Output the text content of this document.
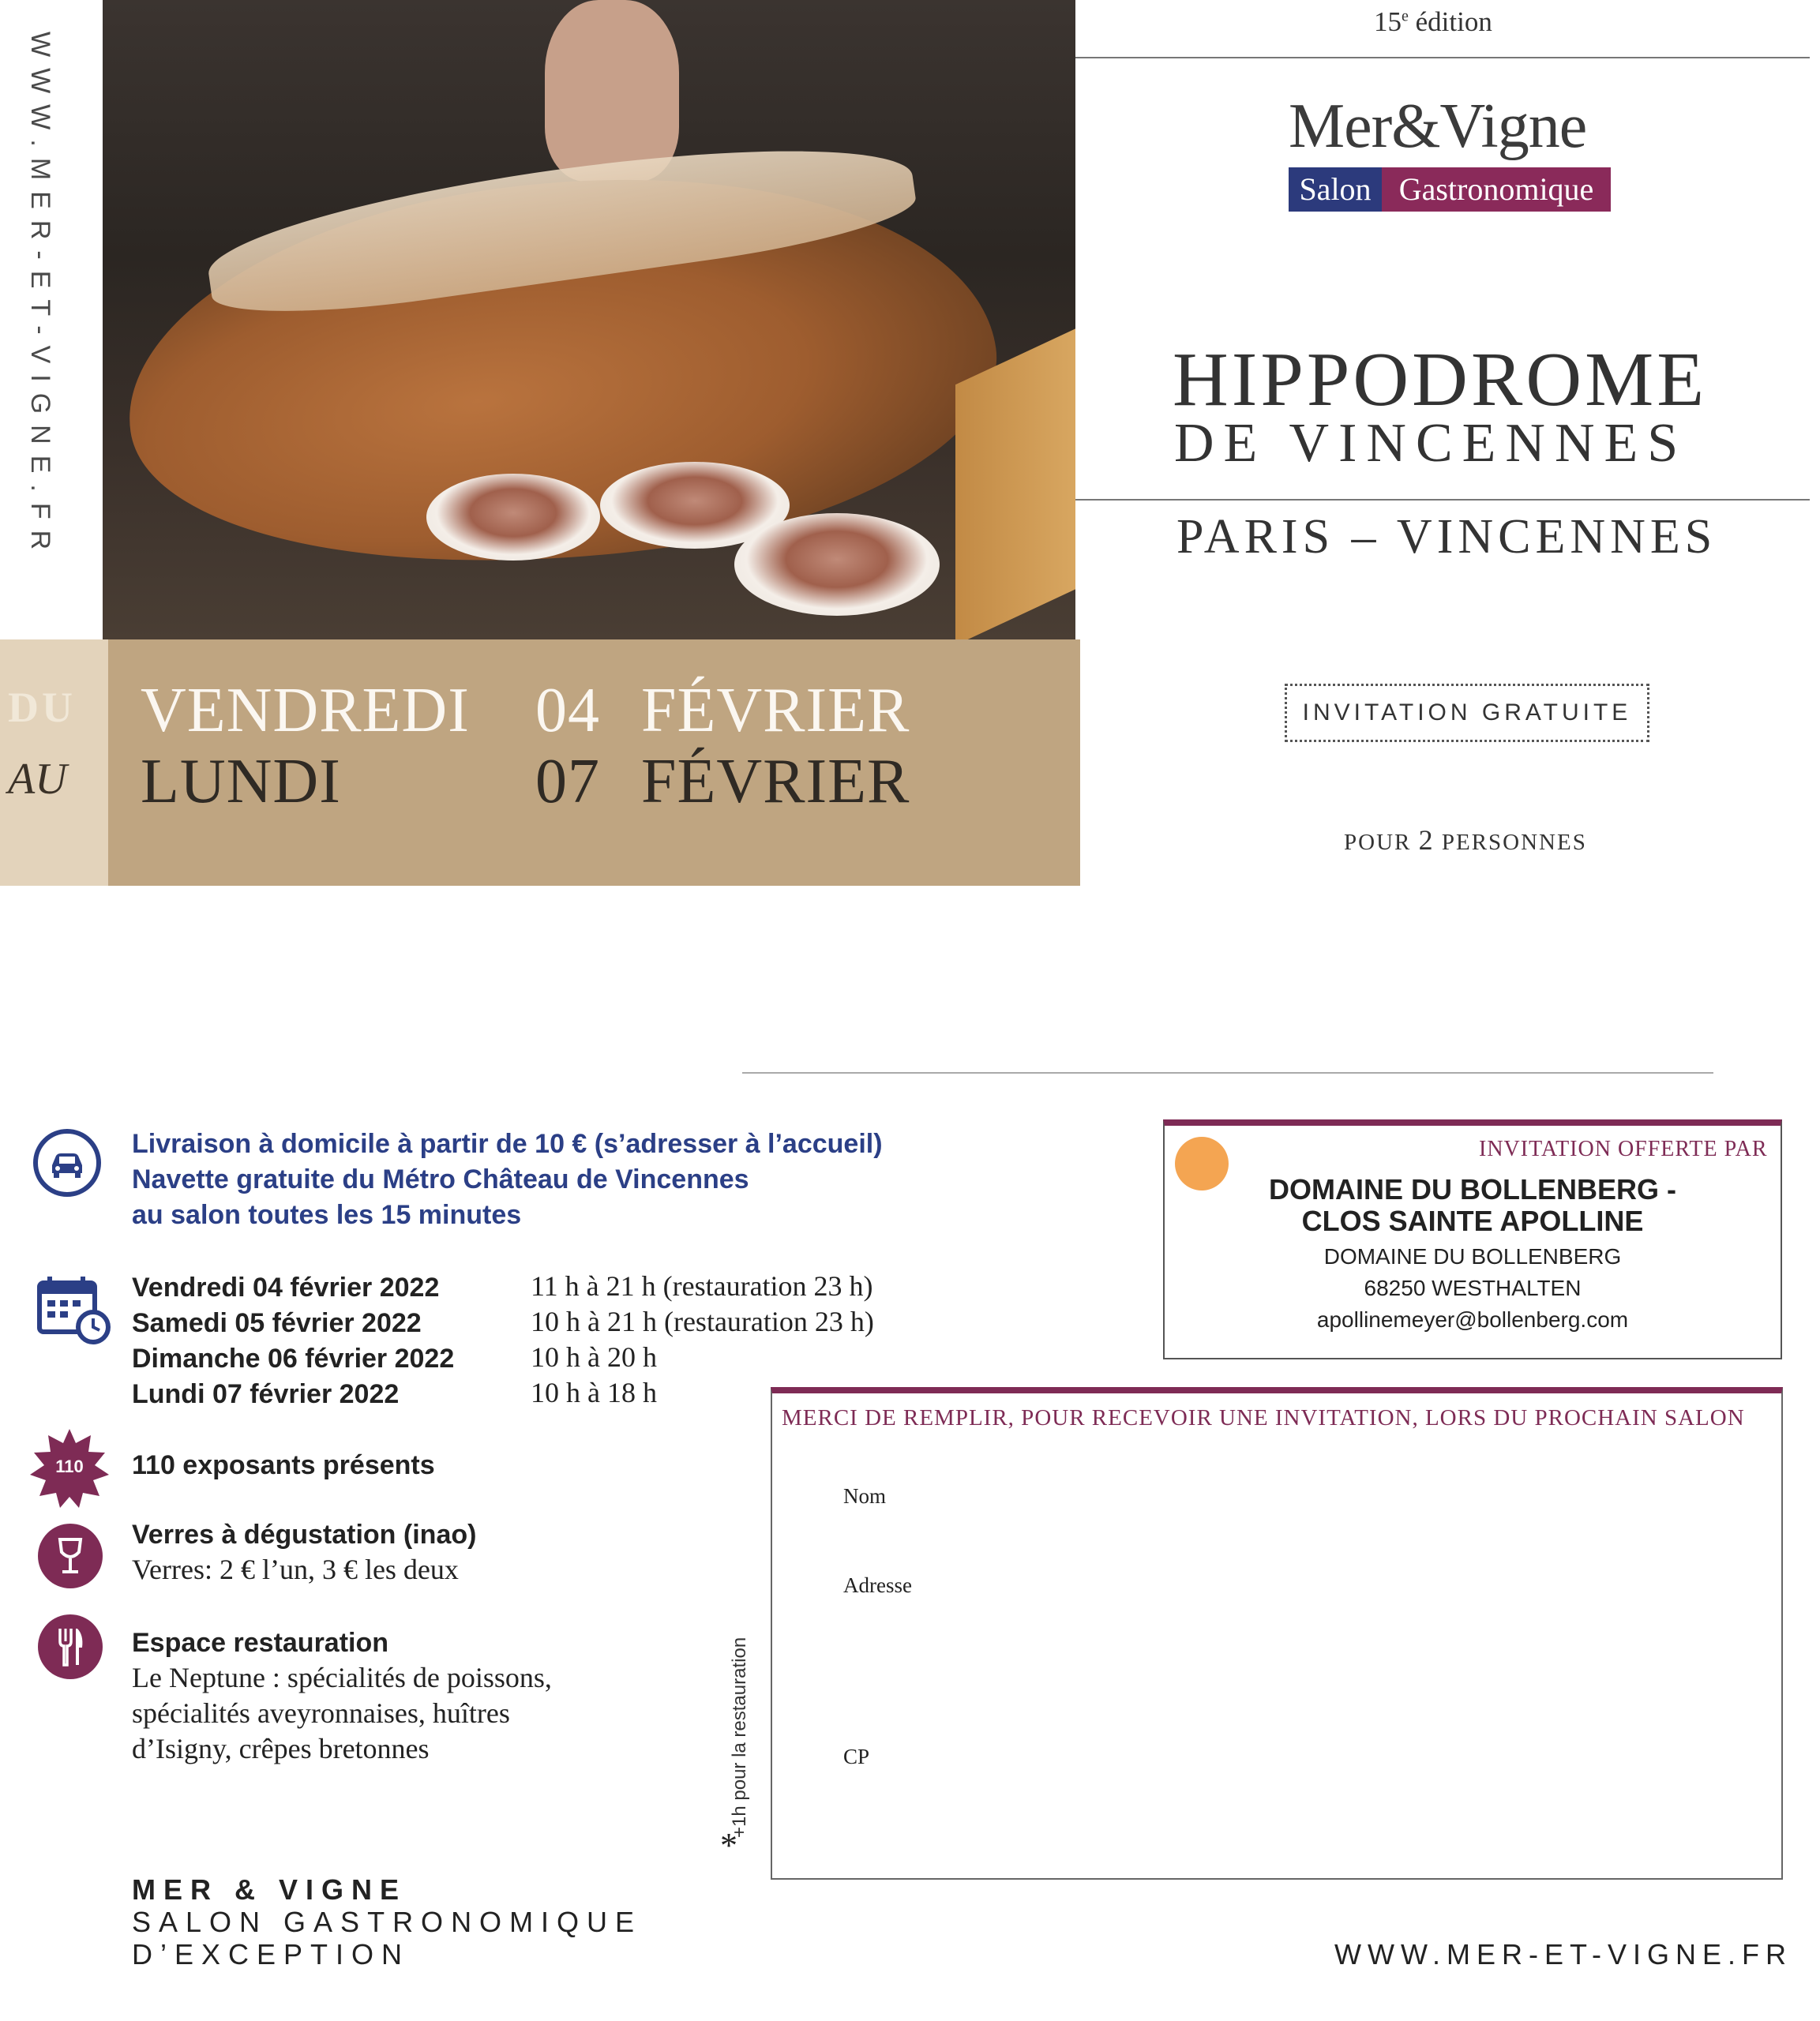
WWW.MER-ET-VIGNE.FR
DU
AU
VENDREDI 04 FÉVRIER
LUNDI	07 FÉVRIER
15e édition
Mer&Vigne
Salon Gastronomique
HIPPODROME
DE VINCENNES
PARIS – VINCENNES
INVITATION GRATUITE
POUR 2 PERSONNES
Livraison à domicile à partir de 10 € (s’adresser à l’accueil)
Navette gratuite du Métro Château de Vincennes
au salon toutes les 15 minutes
Vendredi 04 février 2022	11 h à 21 h (restauration 23 h)
Samedi 05 février 2022	10 h à 21 h (restauration 23 h)
Dimanche 06 février 2022	10 h à 20 h
Lundi 07 février 2022	10 h à 18 h
110	110 exposants présents
Verres à dégustation (inao)
Verres: 2 € l’un, 3 € les deux
Espace restauration
Le Neptune : spécialités de poissons,
spécialités aveyronnaises, huîtres
d’Isigny, crêpes bretonnes	+1h pour la restauration
*
MER & VIGNE
SALON GASTRONOMIQUE
D’EXCEPTION	WWW.MER-ET-VIGNE.FR
INVITATION OFFERTE PAR
DOMAINE DU BOLLENBERG -
CLOS SAINTE APOLLINE
DOMAINE DU BOLLENBERG
68250 WESTHALTEN
apollinemeyer@bollenberg.com
MERCI DE REMPLIR, POUR RECEVOIR UNE INVITATION, LORS DU PROCHAIN SALON
Nom
Adresse
CP
